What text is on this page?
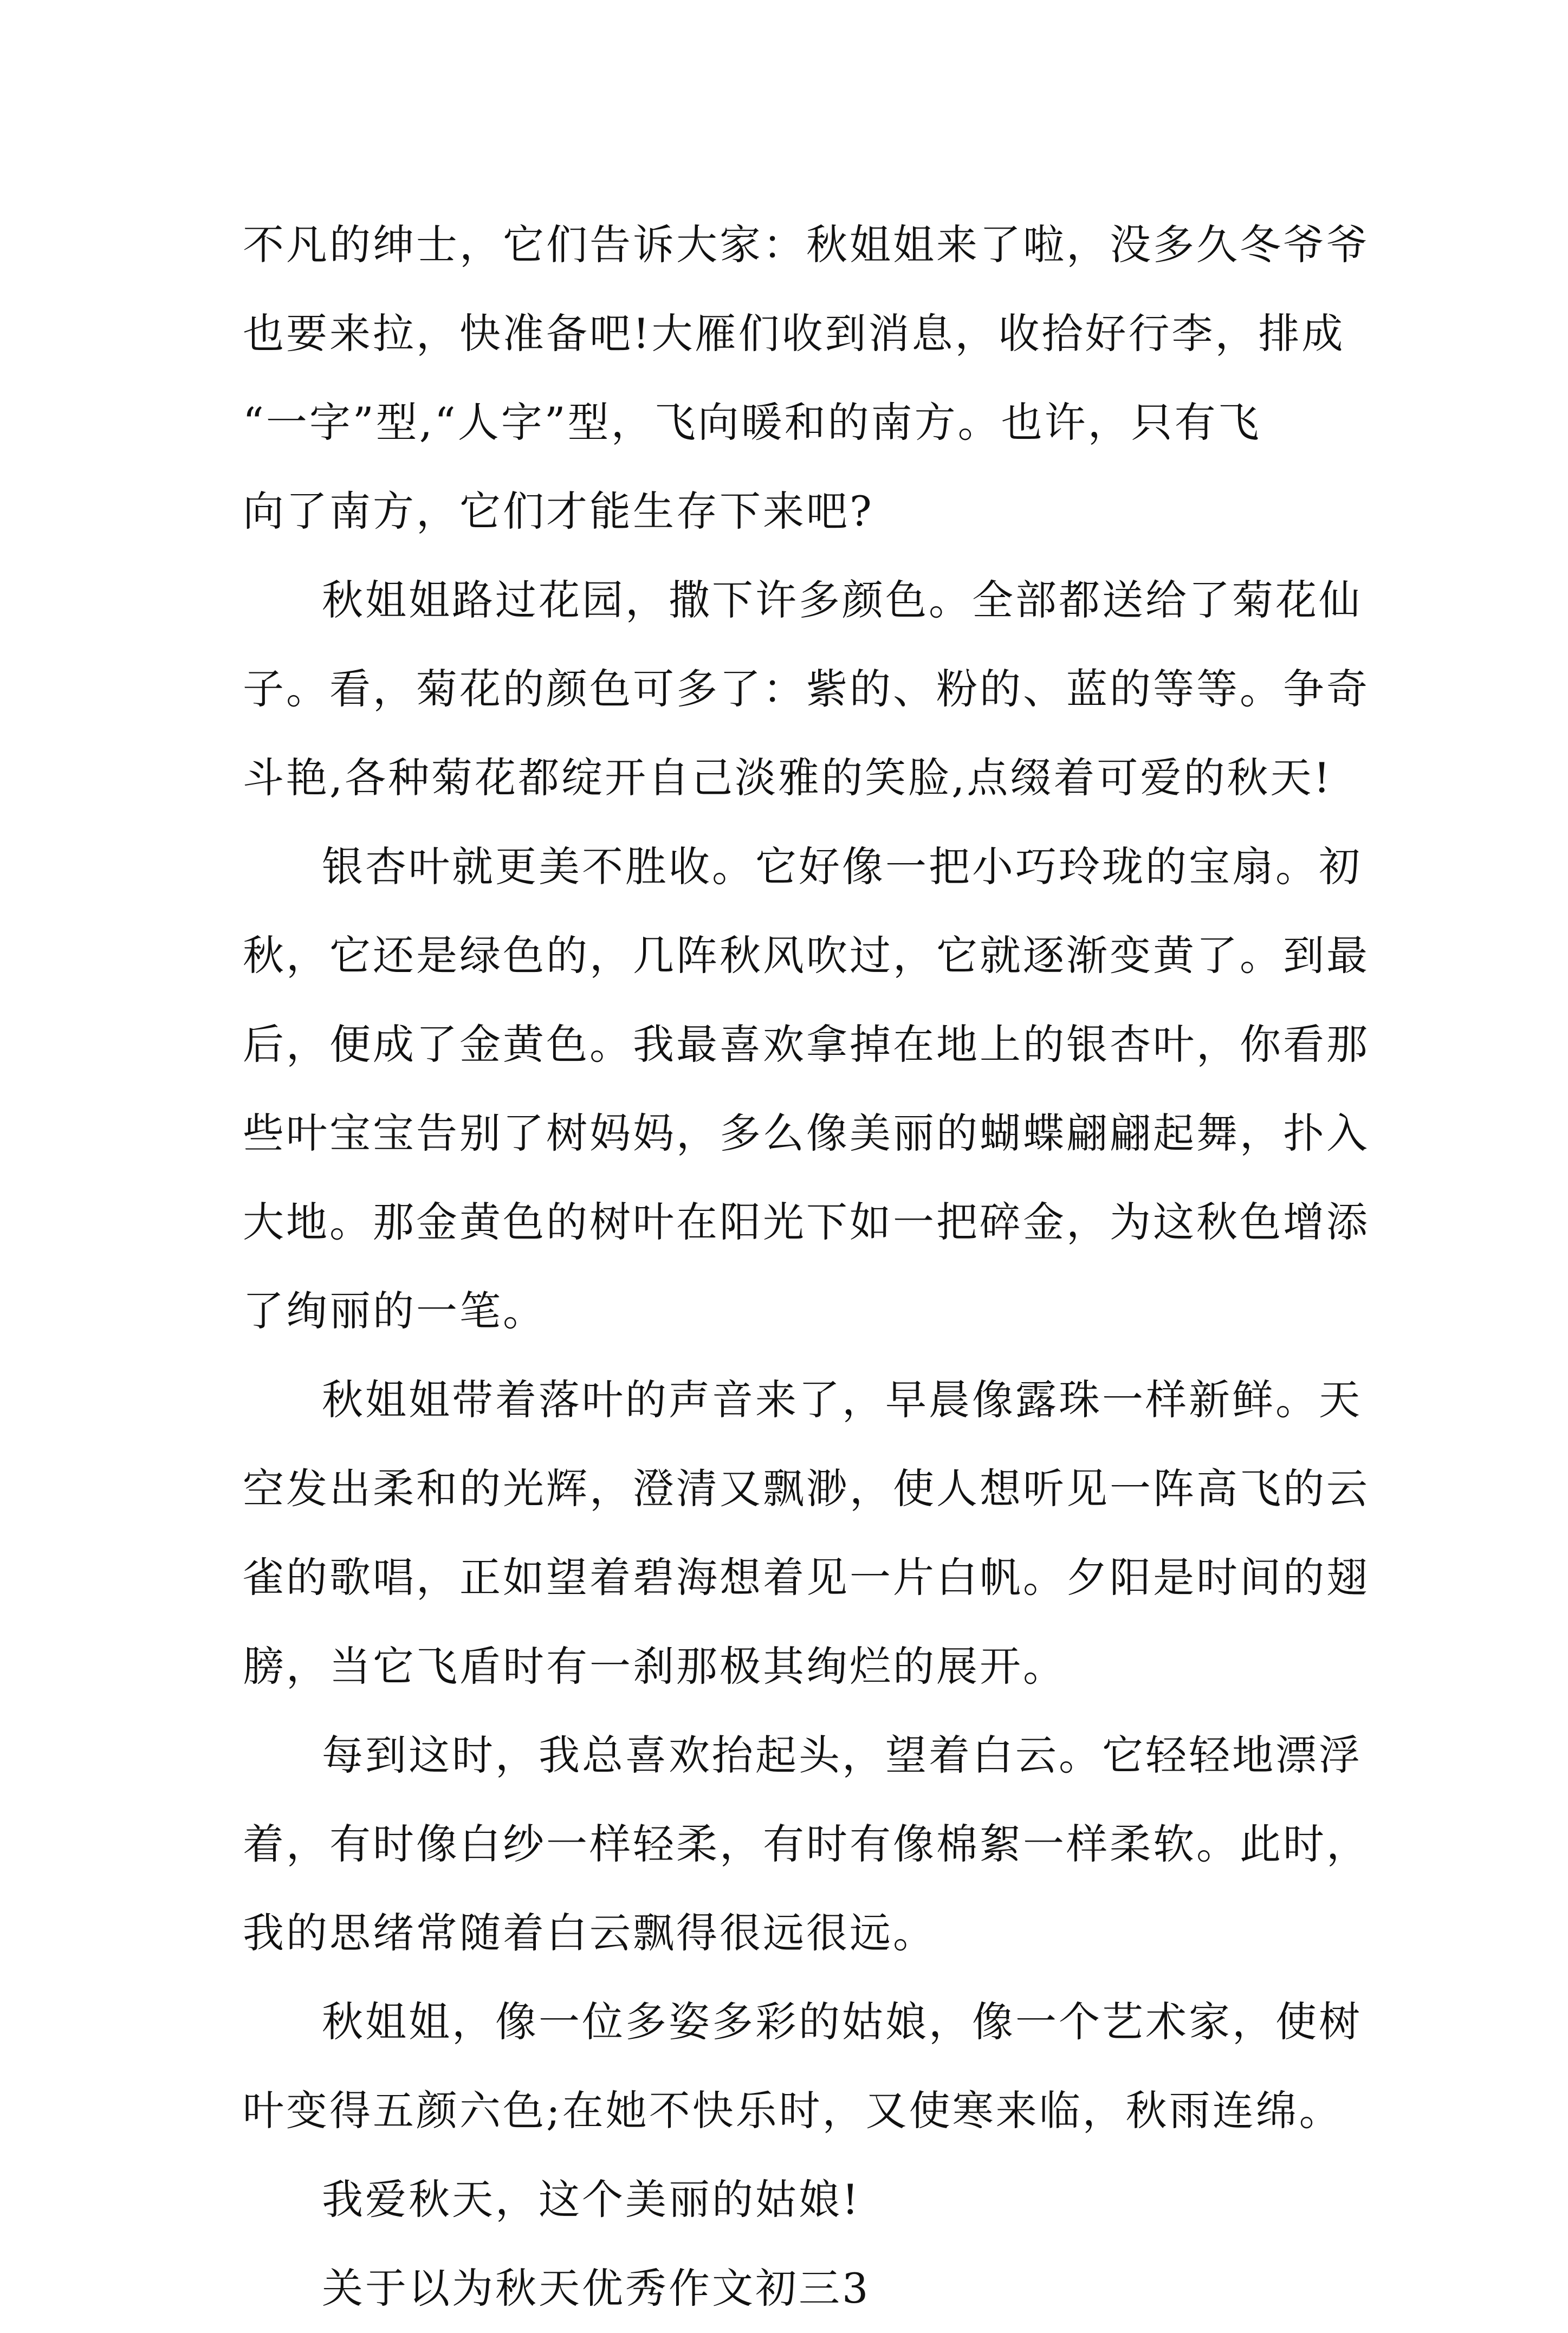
不凡的绅士，它们告诉大家：秋姐姐来了啦，没多久冬爷爷
也要来拉，快准备吧!大雁们收到消息，收拾好行李，排成
“一字”型,“人字”型，飞向暖和的南方。也许，只有飞
向了南方，它们才能生存下来吧?
秋姐姐路过花园，撒下许多颜色。全部都送给了菊花仙
子。看，菊花的颜色可多了：紫的、粉的、蓝的等等。争奇
斗艳,各种菊花都绽开自己淡雅的笑脸,点缀着可爱的秋天!
银杏叶就更美不胜收。它好像一把小巧玲珑的宝扇。初
秋，它还是绿色的，几阵秋风吹过，它就逐渐变黄了。到最
后，便成了金黄色。我最喜欢拿掉在地上的银杏叶，你看那
些叶宝宝告别了树妈妈，多么像美丽的蝴蝶翩翩起舞，扑入
大地。那金黄色的树叶在阳光下如一把碎金，为这秋色增添
了绚丽的一笔。
秋姐姐带着落叶的声音来了，早晨像露珠一样新鲜。天
空发出柔和的光辉，澄清又飘渺，使人想听见一阵高飞的云
雀的歌唱，正如望着碧海想着见一片白帆。夕阳是时间的翅
膀，当它飞盾时有一刹那极其绚烂的展开。
每到这时，我总喜欢抬起头，望着白云。它轻轻地漂浮
着，有时像白纱一样轻柔，有时有像棉絮一样柔软。此时，
我的思绪常随着白云飘得很远很远。
秋姐姐，像一位多姿多彩的姑娘，像一个艺术家，使树
叶变得五颜六色;在她不快乐时，又使寒来临，秋雨连绵。
我爱秋天，这个美丽的姑娘!
关于以为秋天优秀作文初三3
